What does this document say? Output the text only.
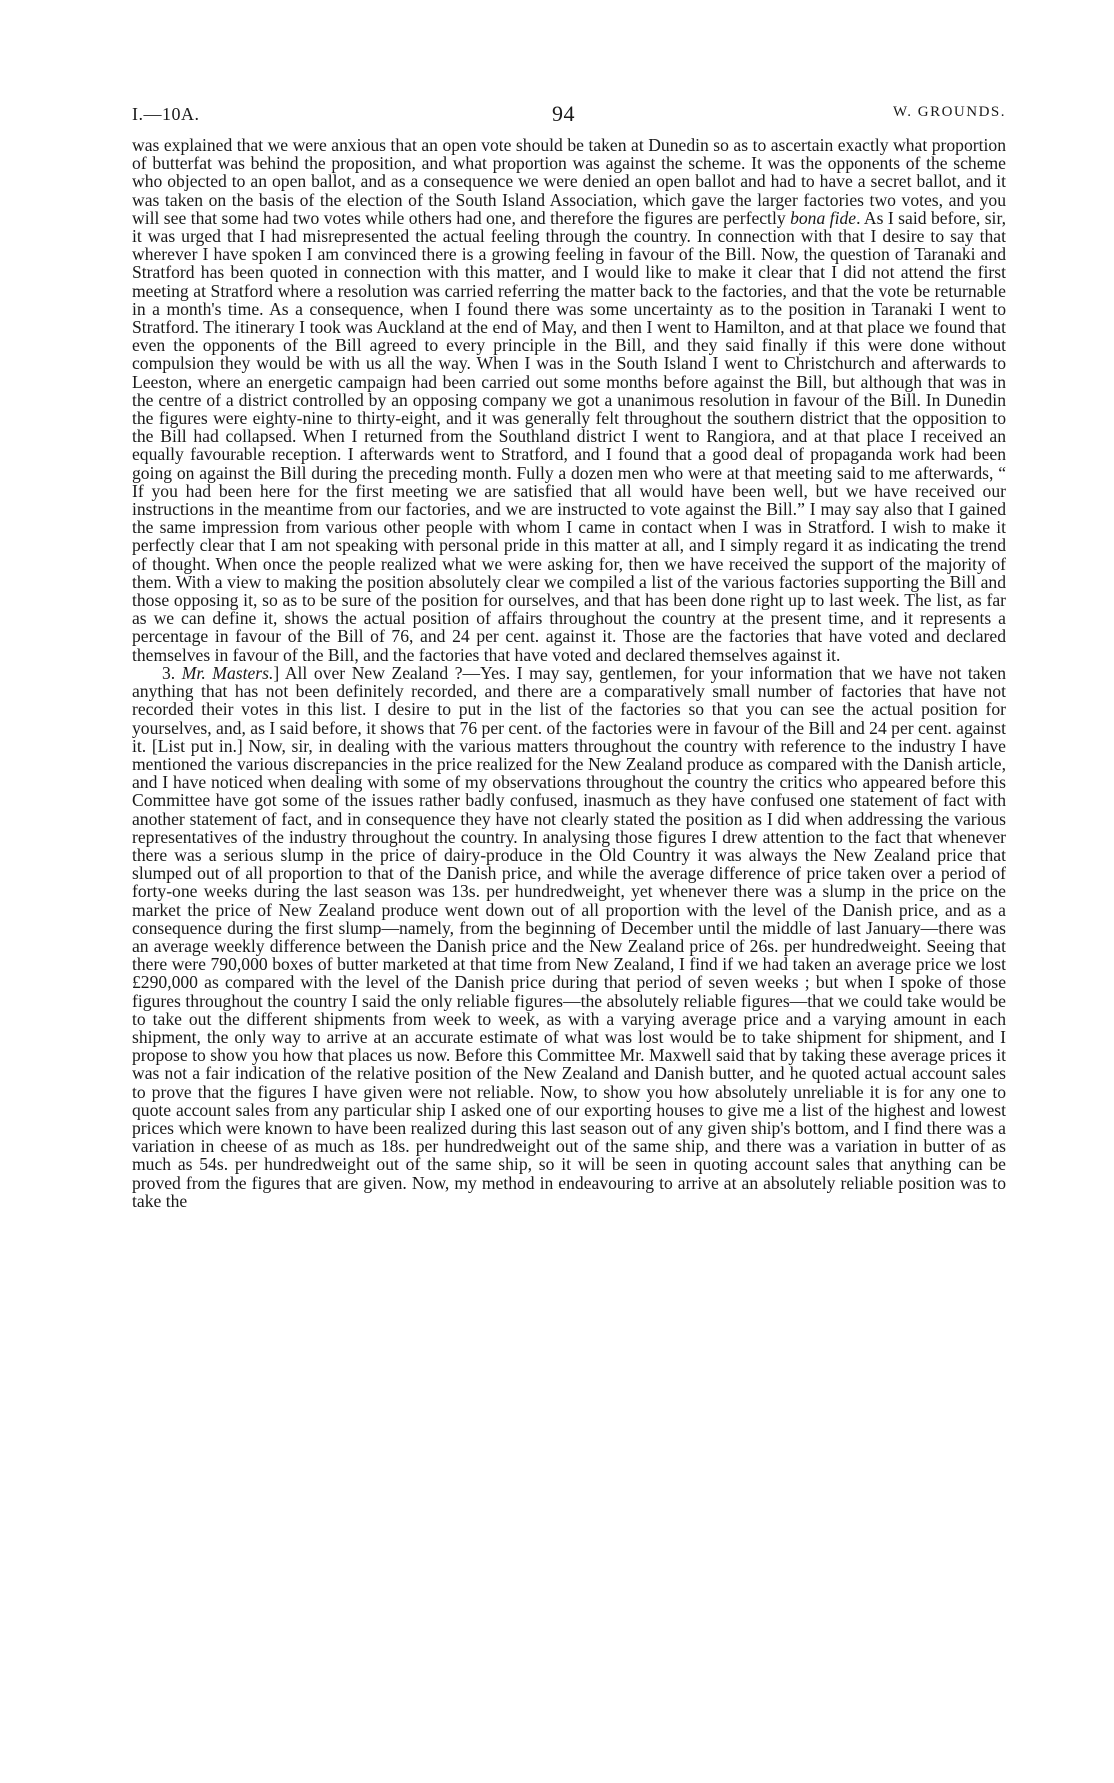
I.—10A.	94	W. GROUNDS.

was explained that we were anxious that an open vote should be taken at Dunedin so as to ascertain exactly what proportion of butterfat was behind the proposition, and what proportion was against the scheme. It was the opponents of the scheme who objected to an open ballot, and as a consequence we were denied an open ballot and had to have a secret ballot, and it was taken on the basis of the election of the South Island Association, which gave the larger factories two votes, and you will see that some had two votes while others had one, and therefore the figures are perfectly bona fide. As I said before, sir, it was urged that I had misrepresented the actual feeling through the country. In connection with that I desire to say that wherever I have spoken I am convinced there is a growing feeling in favour of the Bill. Now, the question of Taranaki and Stratford has been quoted in connection with this matter, and I would like to make it clear that I did not attend the first meeting at Stratford where a resolution was carried referring the matter back to the factories, and that the vote be returnable in a month's time. As a consequence, when I found there was some uncertainty as to the position in Taranaki I went to Stratford. The itinerary I took was Auckland at the end of May, and then I went to Hamilton, and at that place we found that even the opponents of the Bill agreed to every principle in the Bill, and they said finally if this were done without compulsion they would be with us all the way. When I was in the South Island I went to Christchurch and afterwards to Leeston, where an energetic campaign had been carried out some months before against the Bill, but although that was in the centre of a district controlled by an opposing company we got a unanimous resolution in favour of the Bill. In Dunedin the figures were eighty-nine to thirty-eight, and it was generally felt throughout the southern district that the opposition to the Bill had collapsed. When I returned from the Southland district I went to Rangiora, and at that place I received an equally favourable reception. I afterwards went to Stratford, and I found that a good deal of propaganda work had been going on against the Bill during the preceding month. Fully a dozen men who were at that meeting said to me afterwards, “ If you had been here for the first meeting we are satisfied that all would have been well, but we have received our instructions in the meantime from our factories, and we are instructed to vote against the Bill.” I may say also that I gained the same impression from various other people with whom I came in contact when I was in Stratford. I wish to make it perfectly clear that I am not speaking with personal pride in this matter at all, and I simply regard it as indicating the trend of thought. When once the people realized what we were asking for, then we have received the support of the majority of them. With a view to making the position absolutely clear we compiled a list of the various factories supporting the Bill and those opposing it, so as to be sure of the position for ourselves, and that has been done right up to last week. The list, as far as we can define it, shows the actual position of affairs throughout the country at the present time, and it represents a percentage in favour of the Bill of 76, and 24 per cent. against it. Those are the factories that have voted and declared themselves in favour of the Bill, and the factories that have voted and declared themselves against it.

3. Mr. Masters.] All over New Zealand ?—Yes. I may say, gentlemen, for your information that we have not taken anything that has not been definitely recorded, and there are a comparatively small number of factories that have not recorded their votes in this list. I desire to put in the list of the factories so that you can see the actual position for yourselves, and, as I said before, it shows that 76 per cent. of the factories were in favour of the Bill and 24 per cent. against it. [List put in.] Now, sir, in dealing with the various matters throughout the country with reference to the industry I have mentioned the various discrepancies in the price realized for the New Zealand produce as compared with the Danish article, and I have noticed when dealing with some of my observations throughout the country the critics who appeared before this Committee have got some of the issues rather badly confused, inasmuch as they have confused one statement of fact with another statement of fact, and in consequence they have not clearly stated the position as I did when addressing the various representatives of the industry throughout the country. In analysing those figures I drew attention to the fact that whenever there was a serious slump in the price of dairy-produce in the Old Country it was always the New Zealand price that slumped out of all proportion to that of the Danish price, and while the average difference of price taken over a period of forty-one weeks during the last season was 13s. per hundredweight, yet whenever there was a slump in the price on the market the price of New Zealand produce went down out of all proportion with the level of the Danish price, and as a consequence during the first slump—namely, from the beginning of December until the middle of last January—there was an average weekly difference between the Danish price and the New Zealand price of 26s. per hundredweight. Seeing that there were 790,000 boxes of butter marketed at that time from New Zealand, I find if we had taken an average price we lost £290,000 as compared with the level of the Danish price during that period of seven weeks ; but when I spoke of those figures throughout the country I said the only reliable figures—the absolutely reliable figures—that we could take would be to take out the different shipments from week to week, as with a varying average price and a varying amount in each shipment, the only way to arrive at an accurate estimate of what was lost would be to take shipment for shipment, and I propose to show you how that places us now. Before this Committee Mr. Maxwell said that by taking these average prices it was not a fair indication of the relative position of the New Zealand and Danish butter, and he quoted actual account sales to prove that the figures I have given were not reliable. Now, to show you how absolutely unreliable it is for any one to quote account sales from any particular ship I asked one of our exporting houses to give me a list of the highest and lowest prices which were known to have been realized during this last season out of any given ship's bottom, and I find there was a variation in cheese of as much as 18s. per hundredweight out of the same ship, and there was a variation in butter of as much as 54s. per hundredweight out of the same ship, so it will be seen in quoting account sales that anything can be proved from the figures that are given. Now, my method in endeavouring to arrive at an absolutely reliable position was to take the
